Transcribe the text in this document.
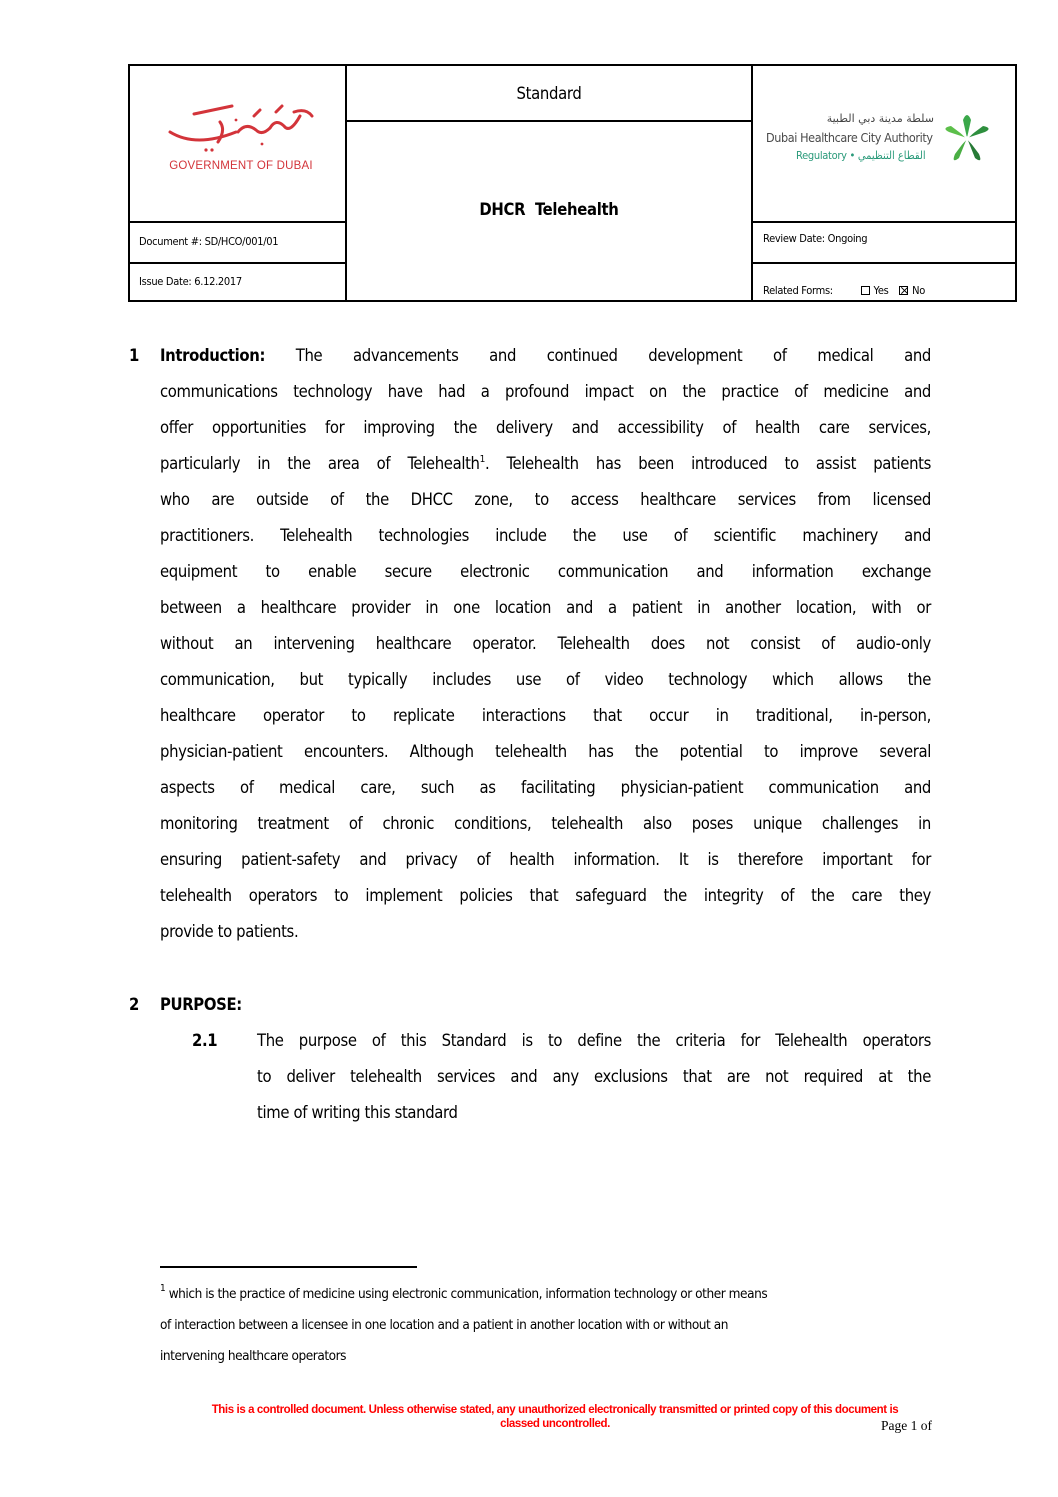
GOVERNMENT OF DUBAI
Standard
DHCR  Telehealth
Document #: SD/HCO/001/01
Issue Date: 6.12.2017
سلطة مدينة دبي الطبية
Dubai Healthcare City Authority
Regulatory • القطاع التنظيمي
Review Date: Ongoing
Related Forms:	Yes No
1 Introduction: The advancements and continued development of medical and
communications technology have had a profound impact on the practice of medicine and
offer opportunities for improving the delivery and accessibility of health care services,
particularly in the area of Telehealth$^1$. Telehealth has been introduced to assist patients
who are outside of the DHCC zone, to access healthcare services from licensed
practitioners. Telehealth technologies include the use of scientific machinery and
equipment to enable secure electronic communication and information exchange
between a healthcare provider in one location and a patient in another location, with or
without an intervening healthcare operator. Telehealth does not consist of audio-only
communication, but typically includes use of video technology which allows the
healthcare operator to replicate interactions that occur in traditional, in-person,
physician-patient encounters. Although telehealth has the potential to improve several
aspects of medical care, such as facilitating physician-patient communication and
monitoring treatment of chronic conditions, telehealth also poses unique challenges in
ensuring patient-safety and privacy of health information. It is therefore important for
telehealth operators to implement policies that safeguard the integrity of the care they
provide to patients.
2 PURPOSE:
2.1 The purpose of this Standard is to define the criteria for Telehealth operators
to deliver telehealth services and any exclusions that are not required at the
time of writing this standard
$^1$ which is the practice of medicine using electronic communication, information technology or other means
of interaction between a licensee in one location and a patient in another location with or without an
intervening healthcare operators
This is a controlled document. Unless otherwise stated, any unauthorized electronically transmitted or printed copy of this document is
classed uncontrolled.	Page 1 of
